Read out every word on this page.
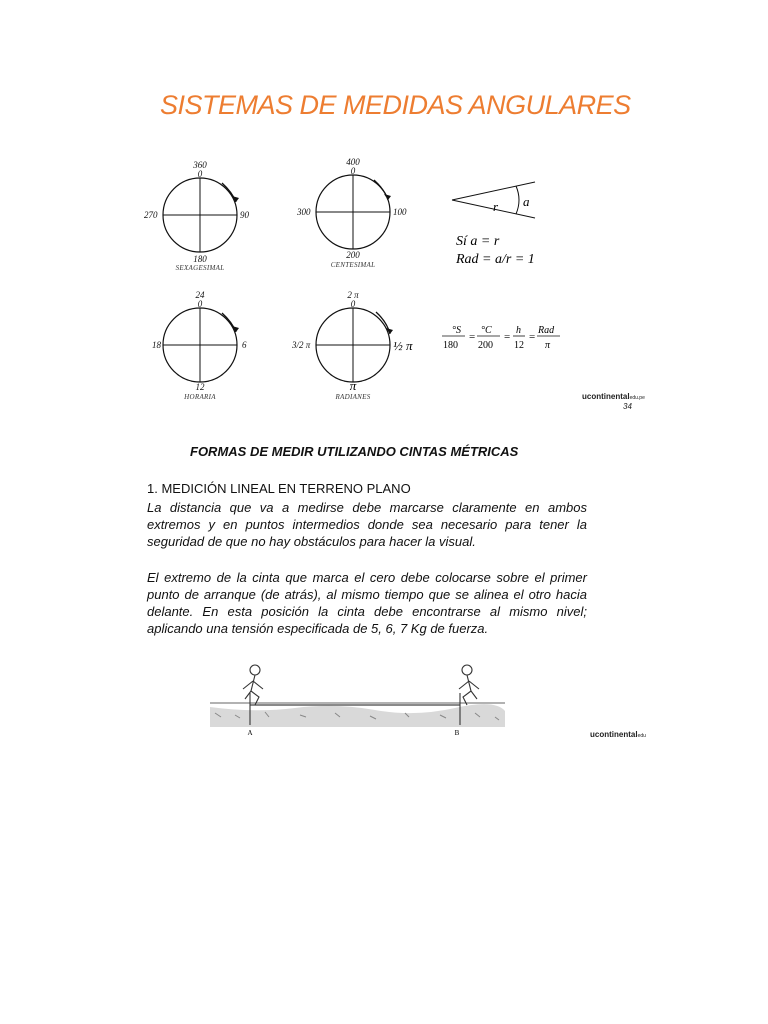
SISTEMAS DE MEDIDAS ANGULARES
360
0
90
270
180
SEXAGESIMAL
400
0
100
300
200
CENTESIMAL
r a
Sí a = r
Rad = a/r = 1
24
0
6
18
12
HORARIA
2 π
0
½ π
3/2 π
π
RADIANES
°S
180
=
°C
200
=
h
12
=
Rad
π
ucontinentaledu.pe
34
FORMAS DE MEDIR UTILIZANDO CINTAS MÉTRICAS
1. MEDICIÓN LINEAL EN TERRENO PLANO
La distancia que va a medirse debe marcarse claramente en ambos extremos y en puntos intermedios donde sea necesario para tener la seguridad de que no hay obstáculos para hacer la visual.
El extremo de la cinta que marca el cero debe colocarse sobre el primer punto de arranque (de atrás), al mismo tiempo que se alinea el otro hacia delante. En esta posición la cinta debe encontrarse al mismo nivel; aplicando una tensión especificada de 5, 6, 7 Kg de fuerza.
A	B	ucontinentaledu
